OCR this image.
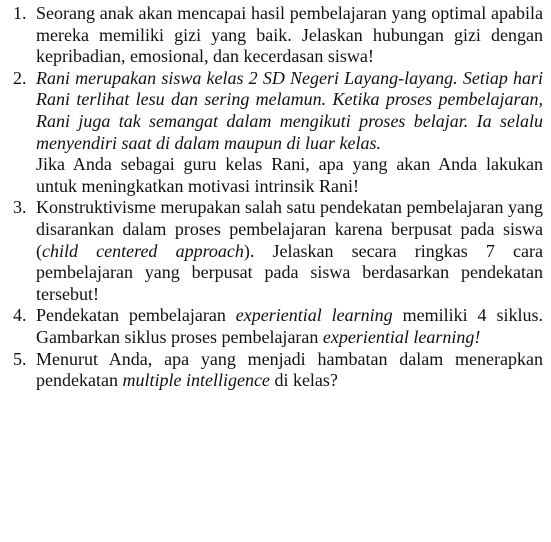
1. Seorang anak akan mencapai hasil pembelajaran yang optimal apabila mereka memiliki gizi yang baik. Jelaskan hubungan gizi dengan kepribadian, emosional, dan kecerdasan siswa!

2. Rani merupakan siswa kelas 2 SD Negeri Layang-layang. Setiap hari Rani terlihat lesu dan sering melamun. Ketika proses pembelajaran, Rani juga tak semangat dalam mengikuti proses belajar. Ia selalu menyendiri saat di dalam maupun di luar kelas.

Jika Anda sebagai guru kelas Rani, apa yang akan Anda lakukan untuk meningkatkan motivasi intrinsik Rani!

3. Konstruktivisme merupakan salah satu pendekatan pembelajaran yang disarankan dalam proses pembelajaran karena berpusat pada siswa (child centered approach). Jelaskan secara ringkas 7 cara pembelajaran yang berpusat pada siswa berdasarkan pendekatan tersebut!

4. Pendekatan pembelajaran experiential learning memiliki 4 siklus. Gambarkan siklus proses pembelajaran experiential learning!

5. Menurut Anda, apa yang menjadi hambatan dalam menerapkan pendekatan multiple intelligence di kelas?
